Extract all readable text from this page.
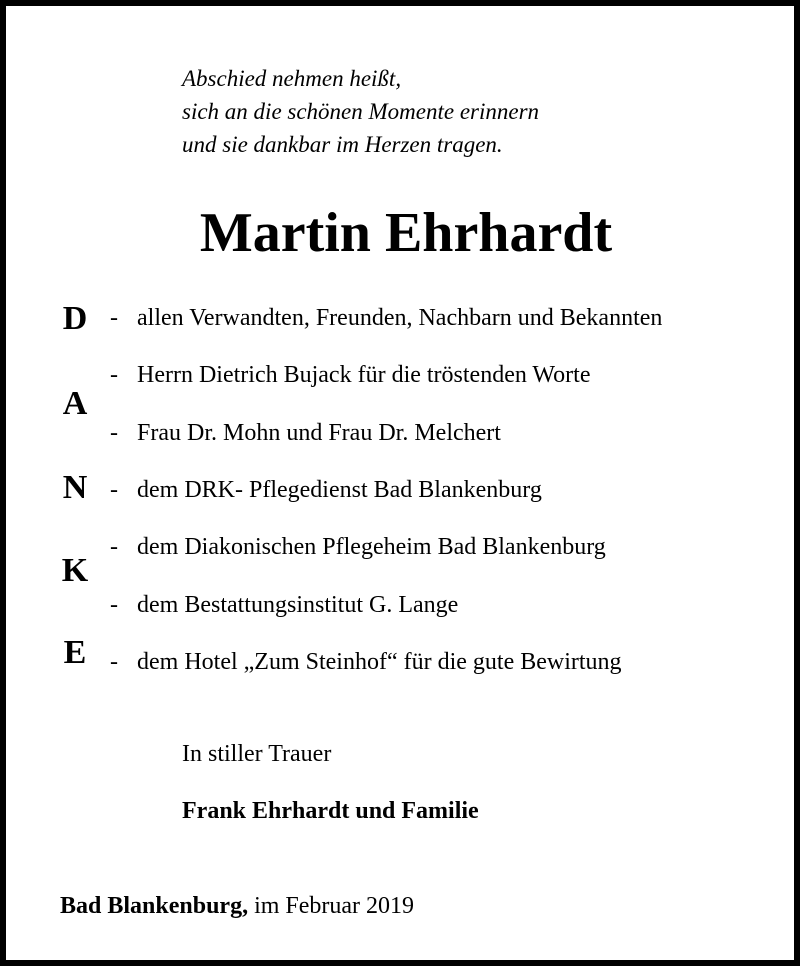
Abschied nehmen heißt,
sich an die schönen Momente erinnern
und sie dankbar im Herzen tragen.
Martin Ehrhardt
D
A
N
K
E
-
-
-
-
-
-
-
allen Verwandten, Freunden, Nachbarn und Bekannten
Herrn Dietrich Bujack für die tröstenden Worte
Frau Dr. Mohn und Frau Dr. Melchert
dem DRK- Pflegedienst Bad Blankenburg
dem Diakonischen Pflegeheim Bad Blankenburg
dem Bestattungsinstitut G. Lange
dem Hotel „Zum Steinhof“ für die gute Bewirtung
In stiller Trauer
Frank Ehrhardt und Familie
Bad Blankenburg, im Februar 2019
